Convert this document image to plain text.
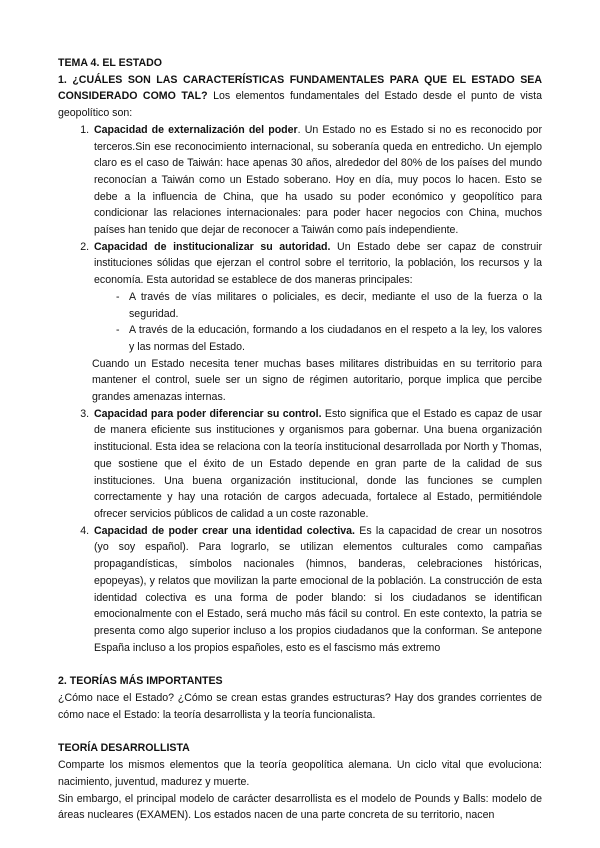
TEMA 4. EL ESTADO

1. ¿CUÁLES SON LAS CARACTERÍSTICAS FUNDAMENTALES PARA QUE EL ESTADO SEA CONSIDERADO COMO TAL? Los elementos fundamentales del Estado desde el punto de vista geopolítico son:

1. Capacidad de externalización del poder. Un Estado no es Estado si no es reconocido por terceros.Sin ese reconocimiento internacional, su soberanía queda en entredicho. Un ejemplo claro es el caso de Taiwán: hace apenas 30 años, alrededor del 80% de los países del mundo reconocían a Taiwán como un Estado soberano. Hoy en día, muy pocos lo hacen. Esto se debe a la influencia de China, que ha usado su poder económico y geopolítico para condicionar las relaciones internacionales: para poder hacer negocios con China, muchos países han tenido que dejar de reconocer a Taiwán como país independiente.
2. Capacidad de institucionalizar su autoridad. Un Estado debe ser capaz de construir instituciones sólidas que ejerzan el control sobre el territorio, la población, los recursos y la economía. Esta autoridad se establece de dos maneras principales:
- A través de vías militares o policiales, es decir, mediante el uso de la fuerza o la seguridad.
- A través de la educación, formando a los ciudadanos en el respeto a la ley, los valores y las normas del Estado.

Cuando un Estado necesita tener muchas bases militares distribuidas en su territorio para mantener el control, suele ser un signo de régimen autoritario, porque implica que percibe grandes amenazas internas.

3. Capacidad para poder diferenciar su control. Esto significa que el Estado es capaz de usar de manera eficiente sus instituciones y organismos para gobernar. Una buena organización institucional. Esta idea se relaciona con la teoría institucional desarrollada por North y Thomas, que sostiene que el éxito de un Estado depende en gran parte de la calidad de sus instituciones. Una buena organización institucional, donde las funciones se cumplen correctamente y hay una rotación de cargos adecuada, fortalece al Estado, permitiéndole ofrecer servicios públicos de calidad a un coste razonable.
4. Capacidad de poder crear una identidad colectiva. Es la capacidad de crear un nosotros (yo soy español). Para lograrlo, se utilizan elementos culturales como campañas propagandísticas, símbolos nacionales (himnos, banderas, celebraciones históricas, epopeyas), y relatos que movilizan la parte emocional de la población. La construcción de esta identidad colectiva es una forma de poder blando: si los ciudadanos se identifican emocionalmente con el Estado, será mucho más fácil su control. En este contexto, la patria se presenta como algo superior incluso a los propios ciudadanos que la conforman. Se antepone España incluso a los propios españoles, esto es el fascismo más extremo

2. TEORÍAS MÁS IMPORTANTES

¿Cómo nace el Estado? ¿Cómo se crean estas grandes estructuras? Hay dos grandes corrientes de cómo nace el Estado: la teoría desarrollista y la teoría funcionalista.

TEORÍA DESARROLLISTA

Comparte los mismos elementos que la teoría geopolítica alemana. Un ciclo vital que evoluciona: nacimiento, juventud, madurez y muerte.

Sin embargo, el principal modelo de carácter desarrollista es el modelo de Pounds y Balls: modelo de áreas nucleares (EXAMEN). Los estados nacen de una parte concreta de su territorio, nacen
